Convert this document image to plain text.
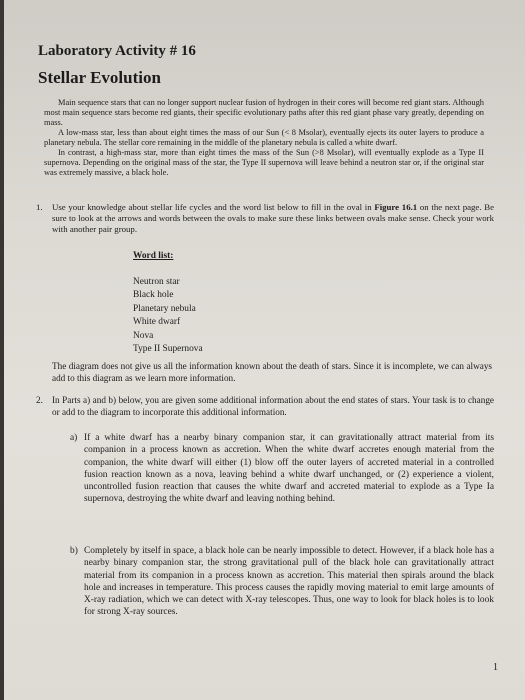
Laboratory Activity # 16
Stellar Evolution

Main sequence stars that can no longer support nuclear fusion of hydrogen in their cores will become red giant stars. Although most main sequence stars become red giants, their specific evolutionary paths after this red giant phase vary greatly, depending on mass.

A low-mass star, less than about eight times the mass of our Sun (< 8 Msolar), eventually ejects its outer layers to produce a planetary nebula. The stellar core remaining in the middle of the planetary nebula is called a white dwarf.

In contrast, a high-mass star, more than eight times the mass of the Sun (>8 Msolar), will eventually explode as a Type II supernova. Depending on the original mass of the star, the Type II supernova will leave behind a neutron star or, if the original star was extremely massive, a black hole.

1. Use your knowledge about stellar life cycles and the word list below to fill in the oval in Figure 16.1 on the next page. Be sure to look at the arrows and words between the ovals to make sure these links between ovals make sense. Check your work with another pair group.
Word list:
Neutron star
Black hole
Planetary nebula
White dwarf
Nova
Type II Supernova
The diagram does not give us all the information known about the death of stars. Since it is incomplete, we can always add to this diagram as we learn more information.
2. In Parts a) and b) below, you are given some additional information about the end states of stars. Your task is to change or add to the diagram to incorporate this additional information.
a) If a white dwarf has a nearby binary companion star, it can gravitationally attract material from its companion in a process known as accretion. When the white dwarf accretes enough material from the companion, the white dwarf will either (1) blow off the outer layers of accreted material in a controlled fusion reaction known as a nova, leaving behind a white dwarf unchanged, or (2) experience a violent, uncontrolled fusion reaction that causes the white dwarf and accreted material to explode as a Type Ia supernova, destroying the white dwarf and leaving nothing behind.
b) Completely by itself in space, a black hole can be nearly impossible to detect. However, if a black hole has a nearby binary companion star, the strong gravitational pull of the black hole can gravitationally attract material from its companion in a process known as accretion. This material then spirals around the black hole and increases in temperature. This process causes the rapidly moving material to emit large amounts of X-ray radiation, which we can detect with X-ray telescopes. Thus, one way to look for black holes is to look for strong X-ray sources.
1
